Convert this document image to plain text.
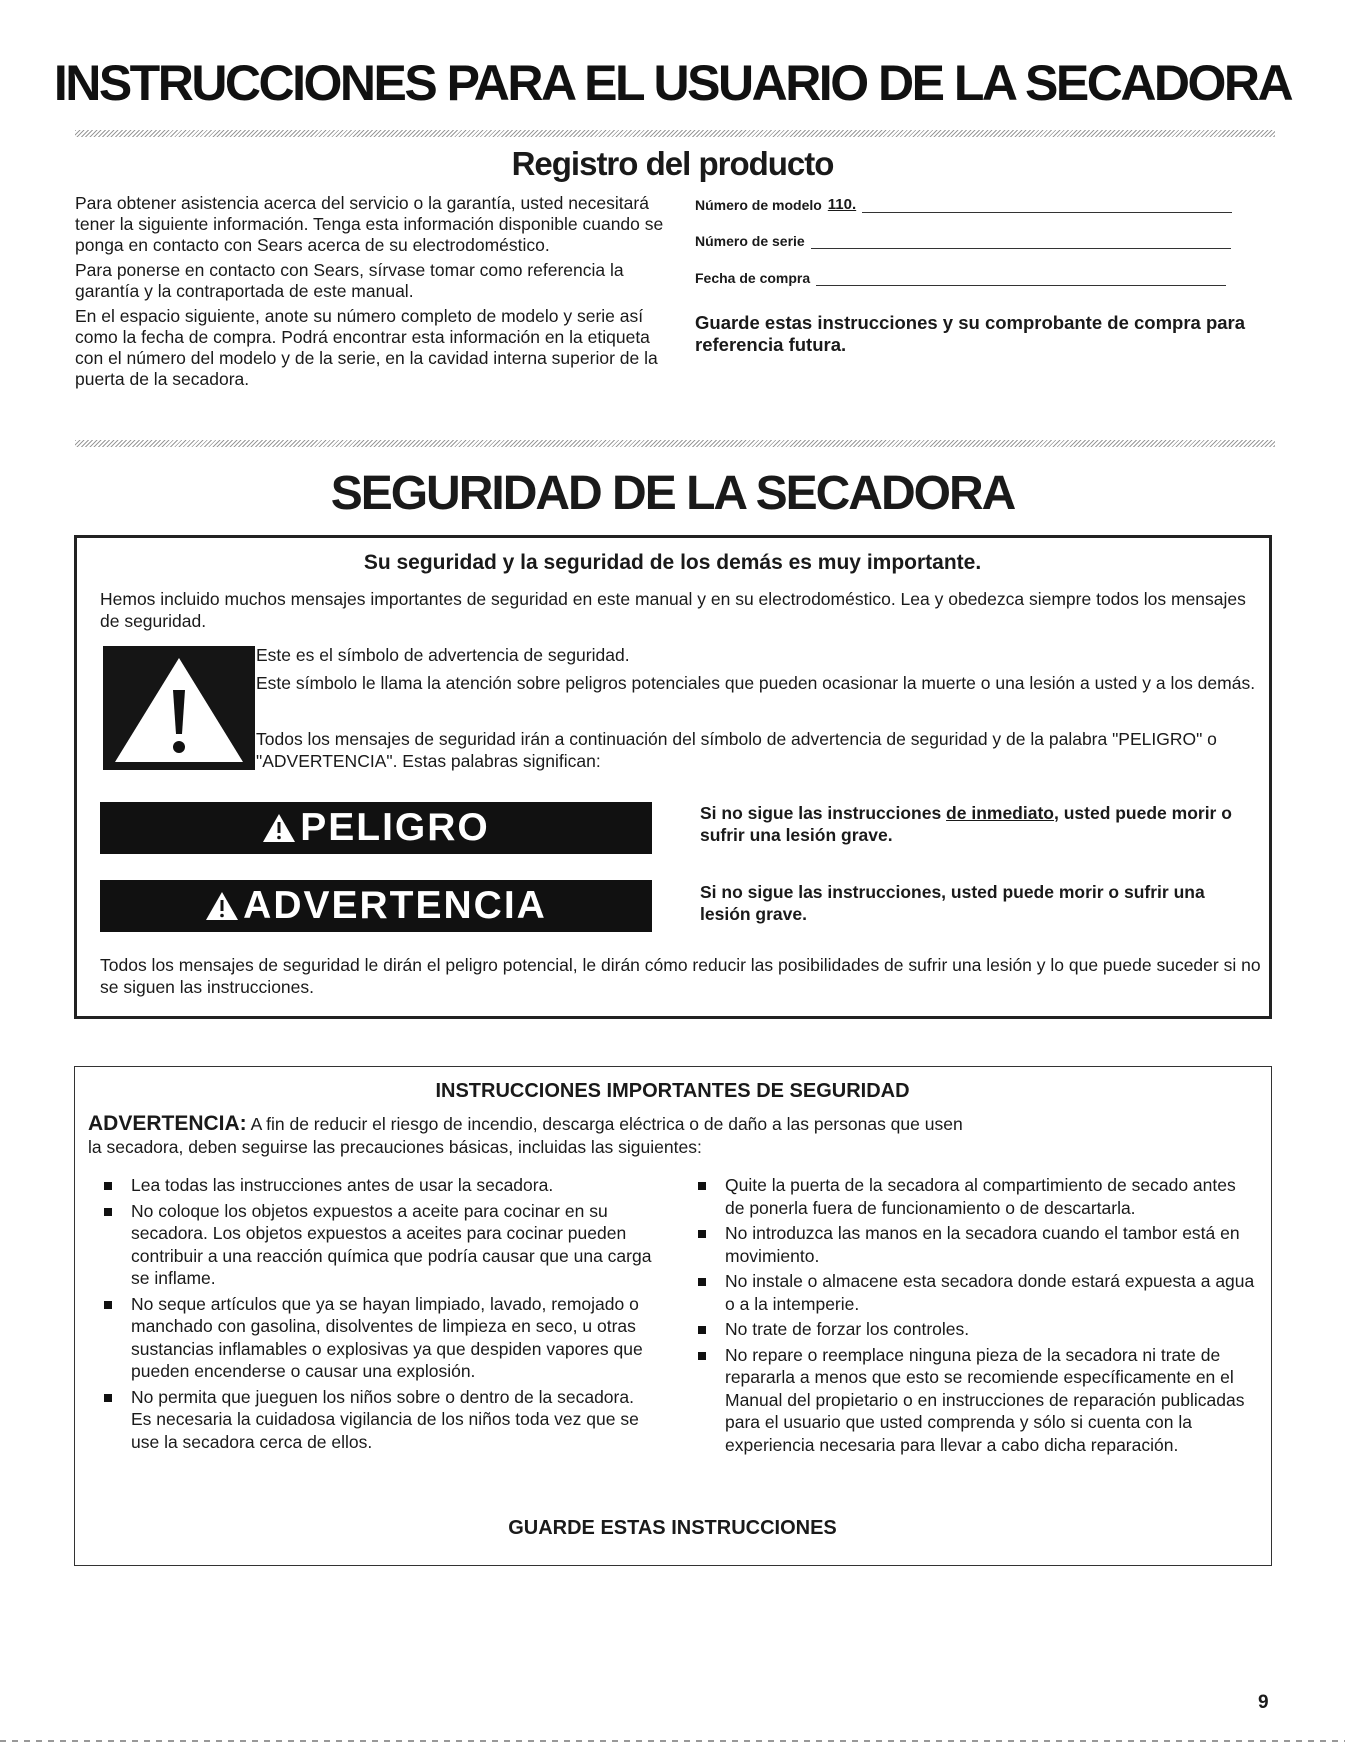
INSTRUCCIONES PARA EL USUARIO DE LA SECADORA
Registro del producto

Para obtener asistencia acerca del servicio o la garantía, usted necesitará tener la siguiente información. Tenga esta información disponible cuando se ponga en contacto con Sears acerca de su electrodoméstico.

Para ponerse en contacto con Sears, sírvase tomar como referencia la garantía y la contraportada de este manual.

En el espacio siguiente, anote su número completo de modelo y serie así como la fecha de compra. Podrá encontrar esta información en la etiqueta con el número del modelo y de la serie, en la cavidad interna superior de la puerta de la secadora.

Número de modelo 110.
Número de serie
Fecha de compra
Guarde estas instrucciones y su comprobante de compra para referencia futura.
SEGURIDAD DE LA SECADORA
Su seguridad y la seguridad de los demás es muy importante.
Hemos incluido muchos mensajes importantes de seguridad en este manual y en su electrodoméstico. Lea y obedezca siempre todos los mensajes de seguridad.
Este es el símbolo de advertencia de seguridad.
Este símbolo le llama la atención sobre peligros potenciales que pueden ocasionar la muerte o una lesión a usted y a los demás.
Todos los mensajes de seguridad irán a continuación del símbolo de advertencia de seguridad y de la palabra "PELIGRO" o "ADVERTENCIA". Estas palabras significan:
PELIGRO	Si no sigue las instrucciones de inmediato, usted puede morir o sufrir una lesión grave.
ADVERTENCIA	Si no sigue las instrucciones, usted puede morir o sufrir una lesión grave.
Todos los mensajes de seguridad le dirán el peligro potencial, le dirán cómo reducir las posibilidades de sufrir una lesión y lo que puede suceder si no se siguen las instrucciones.
INSTRUCCIONES IMPORTANTES DE SEGURIDAD
ADVERTENCIA: A fin de reducir el riesgo de incendio, descarga eléctrica o de daño a las personas que usen
la secadora, deben seguirse las precauciones básicas, incluidas las siguientes:
Lea todas las instrucciones antes de usar la secadora.
No coloque los objetos expuestos a aceite para cocinar en su secadora. Los objetos expuestos a aceites para cocinar pueden contribuir a una reacción química que podría causar que una carga se inflame.
No seque artículos que ya se hayan limpiado, lavado, remojado o manchado con gasolina, disolventes de limpieza en seco, u otras sustancias inflamables o explosivas ya que despiden vapores que pueden encenderse o causar una explosión.
No permita que jueguen los niños sobre o dentro de la secadora. Es necesaria la cuidadosa vigilancia de los niños toda vez que se use la secadora cerca de ellos.
Quite la puerta de la secadora al compartimiento de secado antes de ponerla fuera de funcionamiento o de descartarla.
No introduzca las manos en la secadora cuando el tambor está en movimiento.
No instale o almacene esta secadora donde estará expuesta a agua o a la intemperie.
No trate de forzar los controles.
No repare o reemplace ninguna pieza de la secadora ni trate de repararla a menos que esto se recomiende específicamente en el Manual del propietario o en instrucciones de reparación publicadas para el usuario que usted comprenda y sólo si cuenta con la experiencia necesaria para llevar a cabo dicha reparación.
GUARDE ESTAS INSTRUCCIONES
9
